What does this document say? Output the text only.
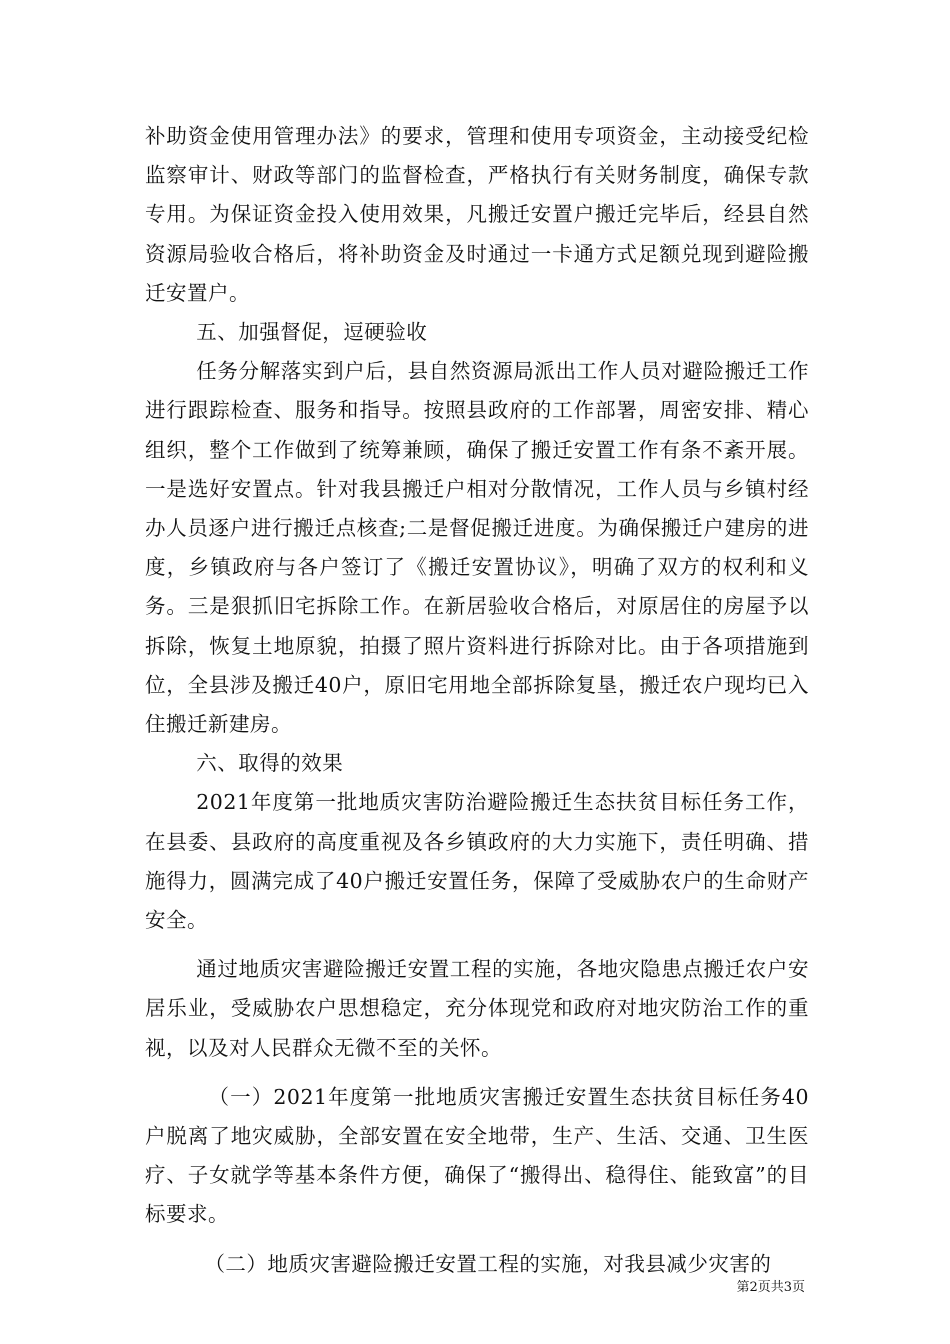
补助资金使用管理办法》的要求，管理和使用专项资金，主动接受纪检监察审计、财政等部门的监督检查，严格执行有关财务制度，确保专款专用。为保证资金投入使用效果，凡搬迁安置户搬迁完毕后，经县自然资源局验收合格后，将补助资金及时通过一卡通方式足额兑现到避险搬迁安置户。

五、加强督促，逗硬验收

任务分解落实到户后，县自然资源局派出工作人员对避险搬迁工作进行跟踪检查、服务和指导。按照县政府的工作部署，周密安排、精心组织，整个工作做到了统筹兼顾，确保了搬迁安置工作有条不紊开展。一是选好安置点。针对我县搬迁户相对分散情况，工作人员与乡镇村经办人员逐户进行搬迁点核查;二是督促搬迁进度。为确保搬迁户建房的进度，乡镇政府与各户签订了《搬迁安置协议》，明确了双方的权利和义务。三是狠抓旧宅拆除工作。在新居验收合格后，对原居住的房屋予以拆除，恢复土地原貌，拍摄了照片资料进行拆除对比。由于各项措施到位，全县涉及搬迁40户，原旧宅用地全部拆除复垦，搬迁农户现均已入住搬迁新建房。

六、取得的效果

2021年度第一批地质灾害防治避险搬迁生态扶贫目标任务工作，在县委、县政府的高度重视及各乡镇政府的大力实施下，责任明确、措施得力，圆满完成了40户搬迁安置任务，保障了受威胁农户的生命财产安全。

通过地质灾害避险搬迁安置工程的实施，各地灾隐患点搬迁农户安居乐业，受威胁农户思想稳定，充分体现党和政府对地灾防治工作的重视，以及对人民群众无微不至的关怀。

（一）2021年度第一批地质灾害搬迁安置生态扶贫目标任务40户脱离了地灾威胁，全部安置在安全地带，生产、生活、交通、卫生医疗、子女就学等基本条件方便，确保了“搬得出、稳得住、能致富”的目标要求。

（二）地质灾害避险搬迁安置工程的实施，对我县减少灾害的

第2页共3页
